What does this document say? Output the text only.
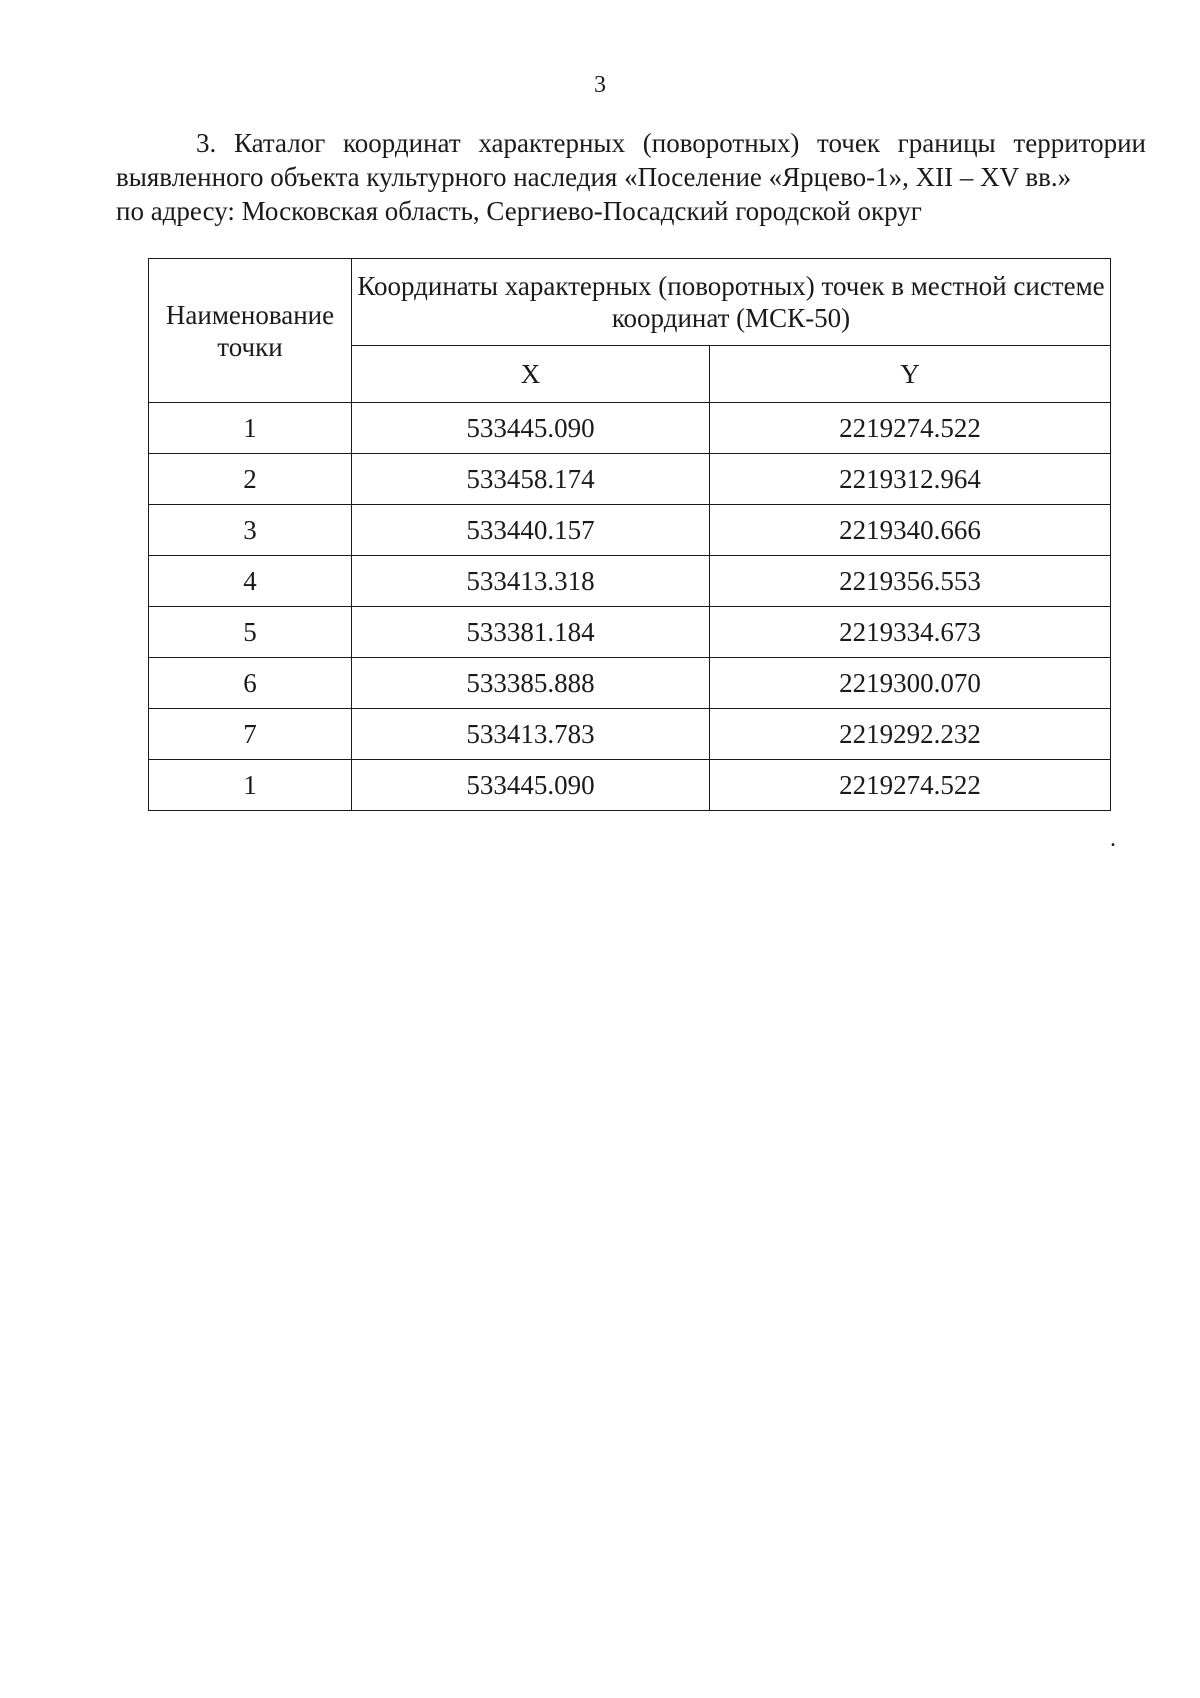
3
3. Каталог координат характерных (поворотных) точек границы территории выявленного объекта культурного наследия «Поселение «Ярцево-1», XII – XV вв.»
по адресу: Московская область, Сергиево-Посадский городской округ
Наименование точки	Координаты характерных (поворотных) точек в местной системе координат (МСК-50)	
	X	Y
1	533445.090	2219274.522
2	533458.174	2219312.964
3	533440.157	2219340.666
4	533413.318	2219356.553
5	533381.184	2219334.673
6	533385.888	2219300.070
7	533413.783	2219292.232
1	533445.090	2219274.522
.
